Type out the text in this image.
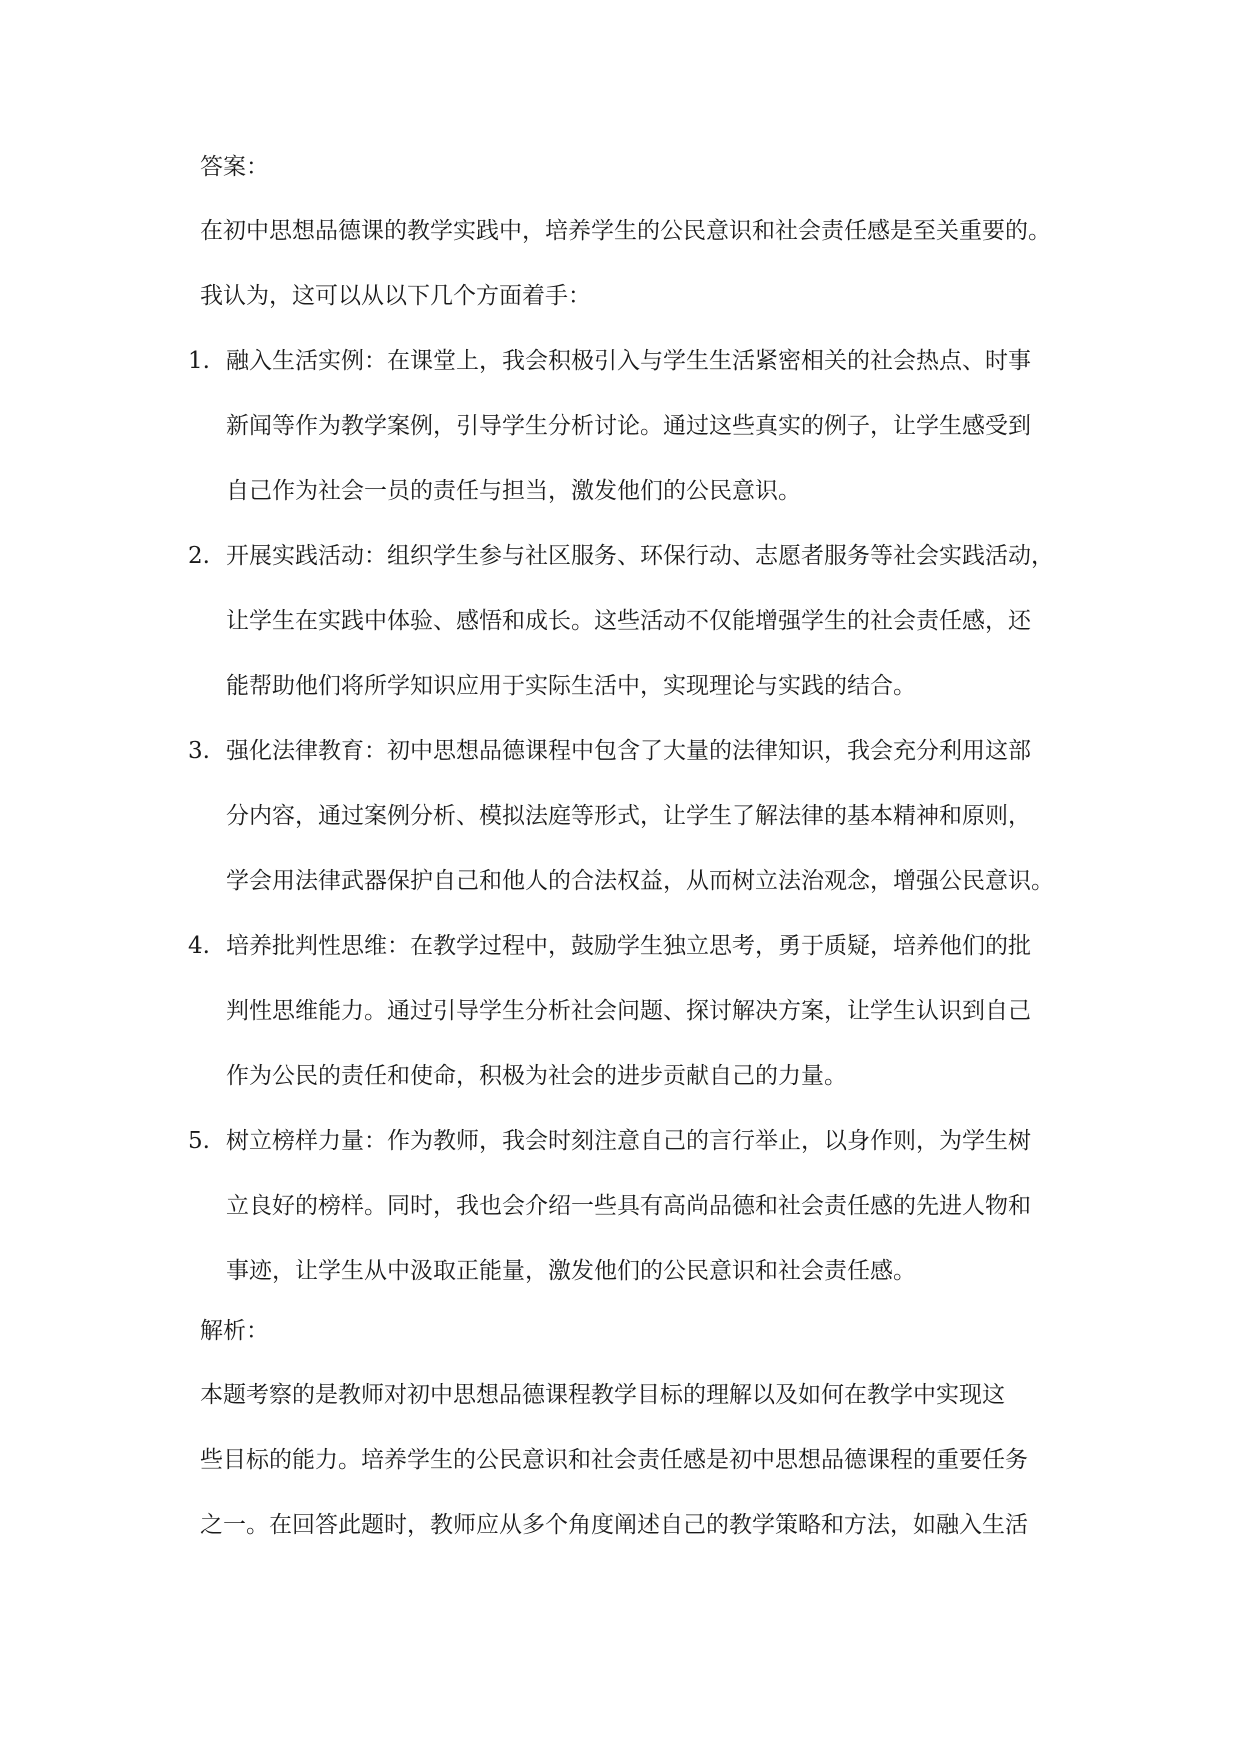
答案：
在初中思想品德课的教学实践中，培养学生的公民意识和社会责任感是至关重要的。
我认为，这可以从以下几个方面着手：
1. 融入生活实例：在课堂上，我会积极引入与学生生活紧密相关的社会热点、时事
新闻等作为教学案例，引导学生分析讨论。通过这些真实的例子，让学生感受到
自己作为社会一员的责任与担当，激发他们的公民意识。
2. 开展实践活动：组织学生参与社区服务、环保行动、志愿者服务等社会实践活动，
让学生在实践中体验、感悟和成长。这些活动不仅能增强学生的社会责任感，还
能帮助他们将所学知识应用于实际生活中，实现理论与实践的结合。
3. 强化法律教育：初中思想品德课程中包含了大量的法律知识，我会充分利用这部
分内容，通过案例分析、模拟法庭等形式，让学生了解法律的基本精神和原则，
学会用法律武器保护自己和他人的合法权益，从而树立法治观念，增强公民意识。
4. 培养批判性思维：在教学过程中，鼓励学生独立思考，勇于质疑，培养他们的批
判性思维能力。通过引导学生分析社会问题、探讨解决方案，让学生认识到自己
作为公民的责任和使命，积极为社会的进步贡献自己的力量。
5. 树立榜样力量：作为教师，我会时刻注意自己的言行举止，以身作则，为学生树
立良好的榜样。同时，我也会介绍一些具有高尚品德和社会责任感的先进人物和
事迹，让学生从中汲取正能量，激发他们的公民意识和社会责任感。
解析：
本题考察的是教师对初中思想品德课程教学目标的理解以及如何在教学中实现这
些目标的能力。培养学生的公民意识和社会责任感是初中思想品德课程的重要任务
之一。在回答此题时，教师应从多个角度阐述自己的教学策略和方法，如融入生活
